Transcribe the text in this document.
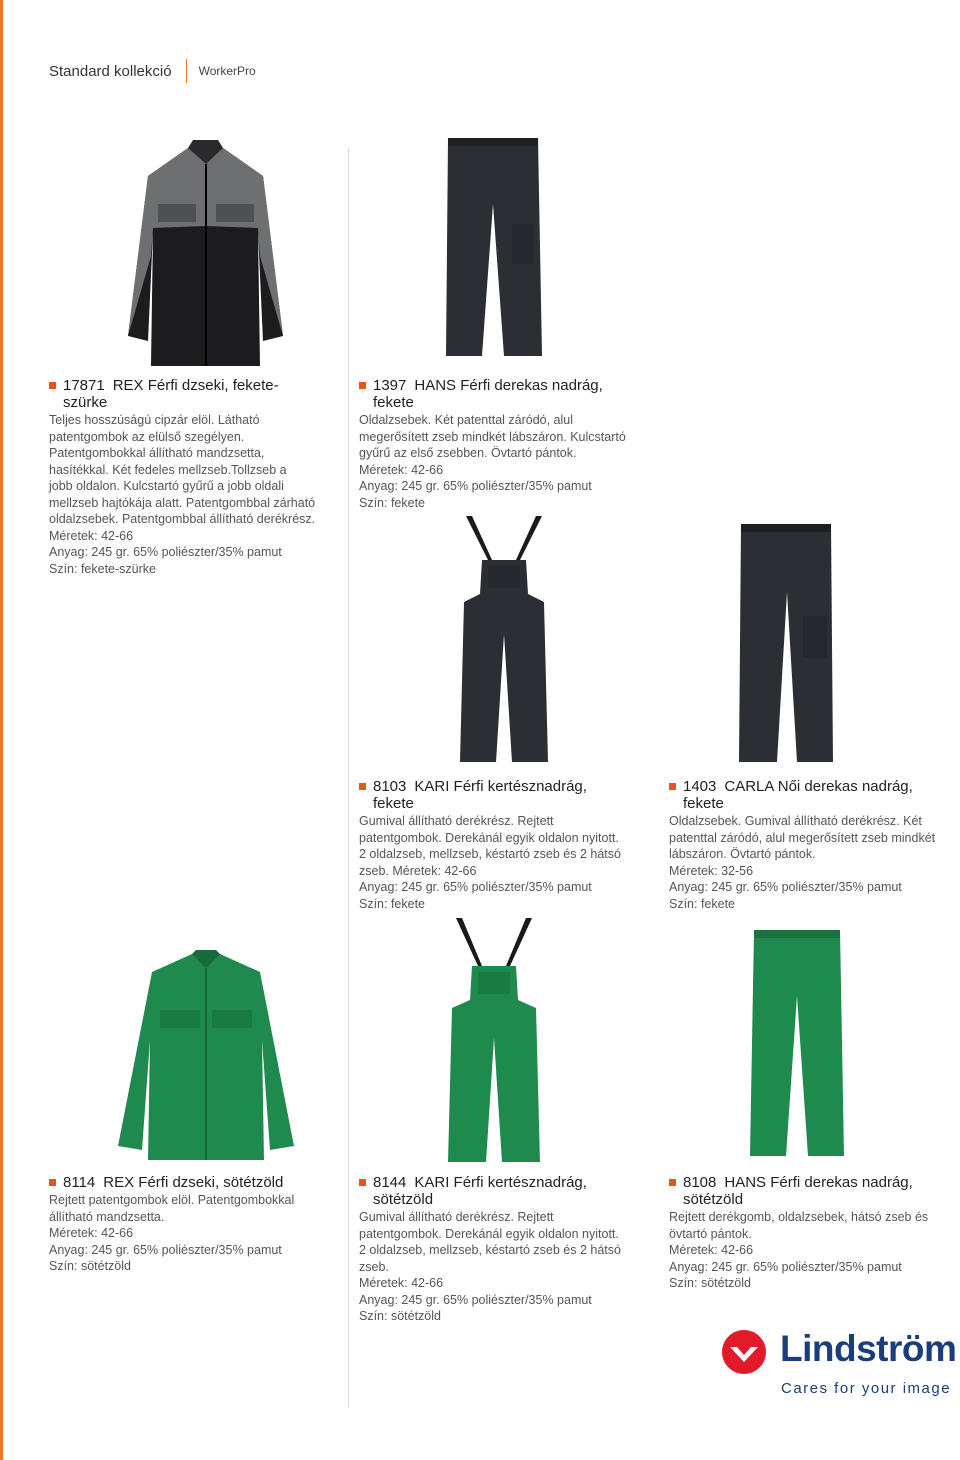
Standard kollekció WorkerPro
17871 REX Férfi dzseki, fekete-
szürke
Teljes hosszúságú cipzár elöl. Látható
patentgombok az elülső szegélyen.
Patentgombokkal állítható mandzsetta,
hasítékkal. Két fedeles mellzseb.Tollzseb a
jobb oldalon. Kulcstartó gyűrű a jobb oldali
mellzseb hajtókája alatt. Patentgombbal zárható
oldalzsebek. Patentgombbal állítható derékrész.
Méretek: 42-66
Anyag: 245 gr. 65% poliészter/35% pamut
Szín: fekete-szürke
1397 HANS Férfi derekas nadrág,
fekete
Oldalzsebek. Két patenttal záródó, alul
megerősített zseb mindkét lábszáron. Kulcstartó
gyűrű az első zsebben. Övtartó pántok.
Méretek: 42-66
Anyag: 245 gr. 65% poliészter/35% pamut
Szín: fekete
8103 KARI Férfi kertésznadrág,
fekete
Gumival állítható derékrész. Rejtett
patentgombok. Derekánál egyik oldalon nyitott.
2 oldalzseb, mellzseb, késtartó zseb és 2 hátsó
zseb. Méretek: 42-66
Anyag: 245 gr. 65% poliészter/35% pamut
Szín: fekete
1403 CARLA Női derekas nadrág,
fekete
Oldalzsebek. Gumival állítható derékrész. Két
patenttal záródó, alul megerősített zseb mindkét
lábszáron. Övtartó pántok.
Méretek: 32-56
Anyag: 245 gr. 65% poliészter/35% pamut
Szín: fekete
8114 REX Férfi dzseki, sötétzöld
Rejtett patentgombok elöl. Patentgombokkal
állítható mandzsetta.
Méretek: 42-66
Anyag: 245 gr. 65% poliészter/35% pamut
Szín: sötétzöld
8144 KARI Férfi kertésznadrág,
sötétzöld
Gumival állítható derékrész. Rejtett
patentgombok. Derekánál egyik oldalon nyitott.
2 oldalzseb, mellzseb, késtartó zseb és 2 hátsó
zseb.
Méretek: 42-66
Anyag: 245 gr. 65% poliészter/35% pamut
Szín: sötétzöld
8108 HANS Férfi derekas nadrág,
sötétzöld
Rejtett derékgomb, oldalzsebek, hátsó zseb és
övtartó pántok.
Méretek: 42-66
Anyag: 245 gr. 65% poliészter/35% pamut
Szín: sötétzöld
Lindström
Cares for your image
